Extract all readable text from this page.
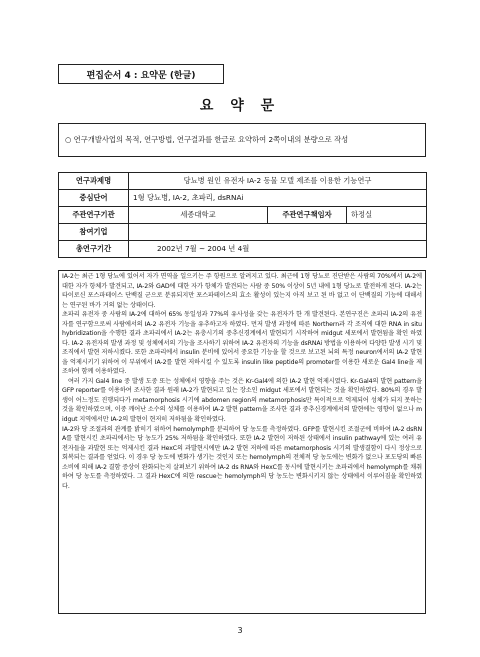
편집순서 4 : 요약문 (한글)
요 약 문
○ 연구개발사업의 목적, 연구방법, 연구결과를 한글로 요약하여 2쪽이내의 분량으로 작성
연구과제명	당뇨병 원인 유전자 IA-2 동물 모델 제조를 이용한 기능연구		
중심단어	1형 당뇨병, IA-2, 초파리, dsRNAi		
주관연구기관	세종대학교	주관연구책임자	하정실
참여기업			
총연구기간	2002년 7월 ~ 2004 년 4월		

IA-2는 최근 1형 당뇨에 있어서 자가 면역을 일으키는 주 항원으로 알려지고 있다. 최근에 1형 당뇨로 진단받은 사람의 70%에서 IA-2에 대한 자가 항체가 발견되고, IA-2와 GAD에 대한 자가 항체가 발견되는 사람 중 50% 이상이 5년 내에 1형 당뇨로 발전하게 된다. IA-2는 타이로신 포스파테이스 단백질 군으로 분류되지만 포스파테이스의 효소 활성이 있는지 아직 보고 된 바 없고 이 단백질의 기능에 대해서는 연구된 바가 거의 없는 상태이다.

초파리 유전자 중 사람의 IA-2에 대하여 65% 동일성과 77%의 유사성을 갖는 유전자가 한 개 발견된다. 본연구진은 초파리 IA-2의 유전자를 연구함으로써 사람에서의 IA-2 유전자 기능을 유추하고자 하였다. 먼저 발생 과정에 따른 Northern과 각 조직에 대한 RNA in situ hybridization을 수행한 결과 초파리에서 IA-2는 유충시기의 중추신경계에서 발현되기 시작하여 midgut 세포에서 발현됨을 확인 하였다. IA-2 유전자의 발생 과정 및 성체에서의 기능을 조사하기 위하여 IA-2 유전자의 기능을 dsRNAi 방법을 이용하여 다양한 발생 시기 및 조직에서 발현 저하시켰다. 또한 초파리에서 insulin 분비에 있어서 중요한 기능을 할 것으로 보고된 뇌의 특정 neuron에서의 IA-2 발현을 억제시키기 위하여 이 부위에서 IA-2를 발현 저하시킬 수 있도록 insulin like peptide의 promoter를 이용한 새로운 Gal4 line을 제조하여 함께 이용하였다.

여러 가지 Gal4 line 중 발생 도중 또는 성체에서 영향을 주는 것은 Kr-Gal4에 의한 IA-2 발현 억제시였다. Kr-Gal4의 발현 pattern을 GFP reporter를 이용하여 조사한 결과 원래 IA-2가 발현되고 있는 장소인 midgut 세포에서 발현되는 것을 확인하였다. 80%의 경우 발생이 어느정도 진행되다가 metamorphosis 시기에 abdomen region의 metamorphosis만 특이적으로 억제되어 성체가 되지 못하는 것을 확인하였으며, 이중 깨어난 소수의 성체를 이용하여 IA-2 발현 pattern을 조사한 결과 중추신경계에서의 발현에는 영향이 없으나 midgut 지역에서만 IA-2의 발현이 현저히 저하됨을 확인하였다.

IA-2와 당 조절과의 관계를 밝히기 위하여 hemolymph를 분리하여 당 농도를 측정하였다. GFP를 발현시킨 조절군에 비하여 IA-2 dsRNA를 발현시킨 초파리에서는 당 농도가 25% 저하됨을 확인하였다. 또한 IA-2 발현이 저하된 상태에서 insulin pathway에 있는 여러 유전자들을 과발현 또는 억제시킨 결과 HexC의 과발현시에만 IA-2 발현 저하에 따른 metamorphosis 시기의 발생결함이 다시 정상으로 회복되는 결과를 얻었다. 이 경우 당 농도에 변화가 생기는 것인지 또는 hemolymph의 전체적 당 농도에는 변화가 없으나 포도당의 빠른 소비에 의해 IA-2 결함 증상이 완화되는지 살펴보기 위하여 IA-2 ds RNA와 HexC를 동시에 발현시키는 초파리에서 hemolymph를 채취하여 당 농도를 측정하였다. 그 결과 HexC에 의한 rescue는 hemolymph의 당 농도는 변화시키지 않는 상태에서 이루어짐을 확인하였다.

3
